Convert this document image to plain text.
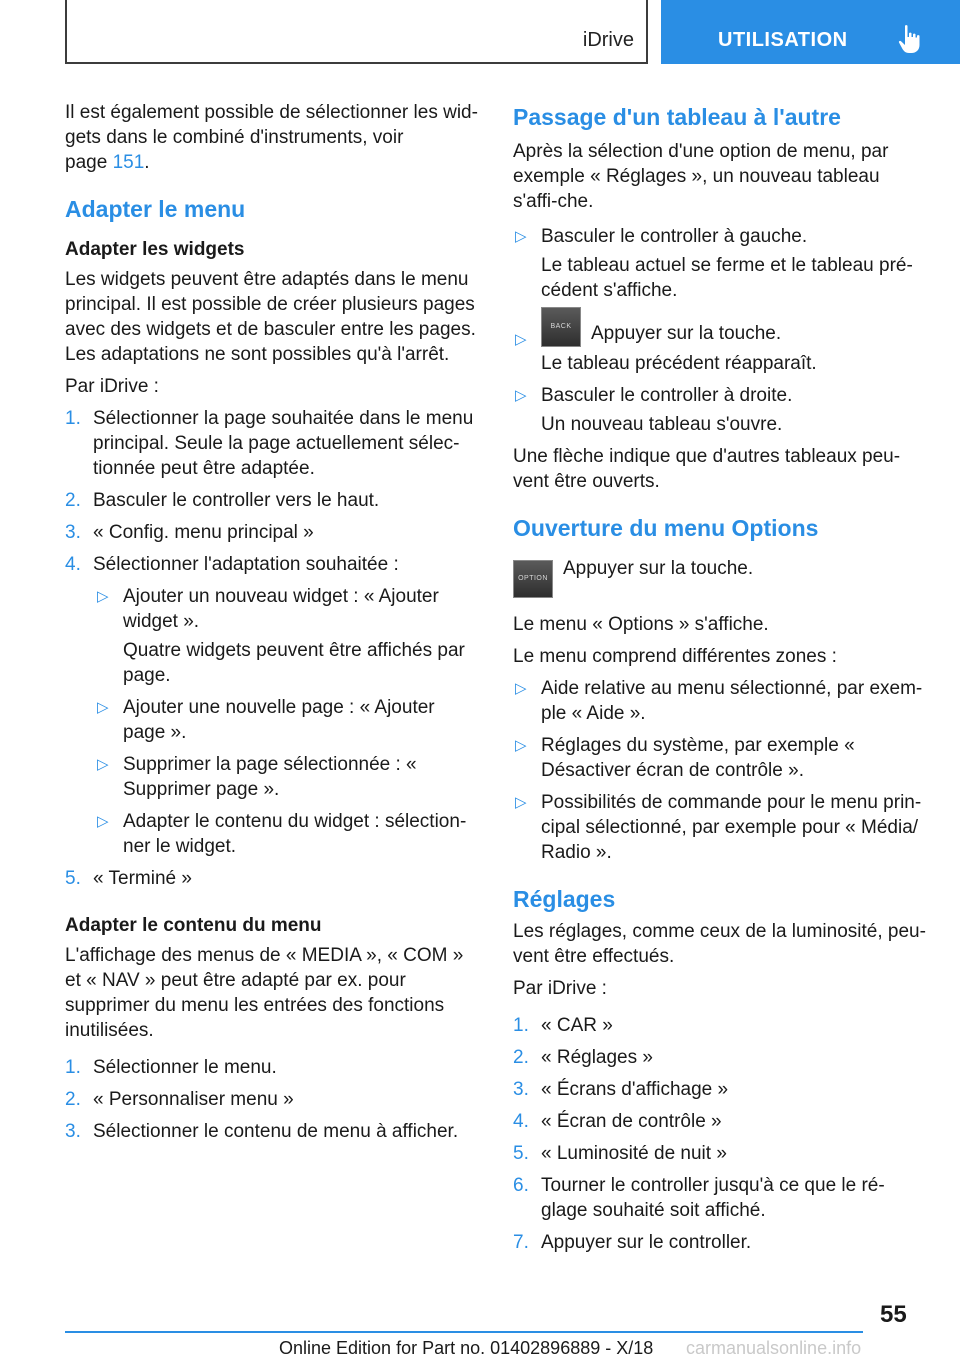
iDrive	UTILISATION

Il est également possible de sélectionner les wid-
gets dans le combiné d'instruments, voir
page 151.

Adapter le menu
Adapter les widgets

Les widgets peuvent être adaptés dans le menu principal. Il est possible de créer plusieurs pages avec des widgets et de basculer entre les pages. Les adaptations ne sont possibles qu'à l'arrêt.

Par iDrive :

1. Sélectionner la page souhaitée dans le menu principal. Seule la page actuellement sélec-tionnée peut être adaptée.
2. Basculer le controller vers le haut.
3. « Config. menu principal »
4. Sélectionner l'adaptation souhaitée :
▷ Ajouter un nouveau widget : « Ajouter widget ».
Quatre widgets peuvent être affichés par page.
▷ Ajouter une nouvelle page : « Ajouter page ».
▷ Supprimer la page sélectionnée : « Supprimer page ».
▷ Adapter le contenu du widget : sélection-ner le widget.
5. « Terminé »
Adapter le contenu du menu

L'affichage des menus de « MEDIA », « COM » et « NAV » peut être adapté par ex. pour supprimer du menu les entrées des fonctions inutilisées.

1. Sélectionner le menu.
2. « Personnaliser menu »
3. Sélectionner le contenu de menu à afficher.
Passage d'un tableau à l'autre

Après la sélection d'une option de menu, par exemple « Réglages », un nouveau tableau s'affi-che.

▷ Basculer le controller à gauche.
Le tableau actuel se ferme et le tableau pré-cédent s'affiche.
▷
BACK Appuyer sur la touche.
Le tableau précédent réapparaît.
▷ Basculer le controller à droite.
Un nouveau tableau s'ouvre.

Une flèche indique que d'autres tableaux peu-vent être ouverts.

Ouverture du menu Options
OPTION Appuyer sur la touche.

Le menu « Options » s'affiche.

Le menu comprend différentes zones :

▷ Aide relative au menu sélectionné, par exem-ple « Aide ».
▷ Réglages du système, par exemple « Désactiver écran de contrôle ».
▷ Possibilités de commande pour le menu prin-cipal sélectionné, par exemple pour « Média/ Radio ».
Réglages

Les réglages, comme ceux de la luminosité, peu-vent être effectués.

Par iDrive :

1. « CAR »
2. « Réglages »
3. « Écrans d'affichage »
4. « Écran de contrôle »
5. « Luminosité de nuit »
6. Tourner le controller jusqu'à ce que le ré-glage souhaité soit affiché.
7. Appuyer sur le controller.
55
Online Edition for Part no. 01402896889 - X/18 carmanualsonline.info
